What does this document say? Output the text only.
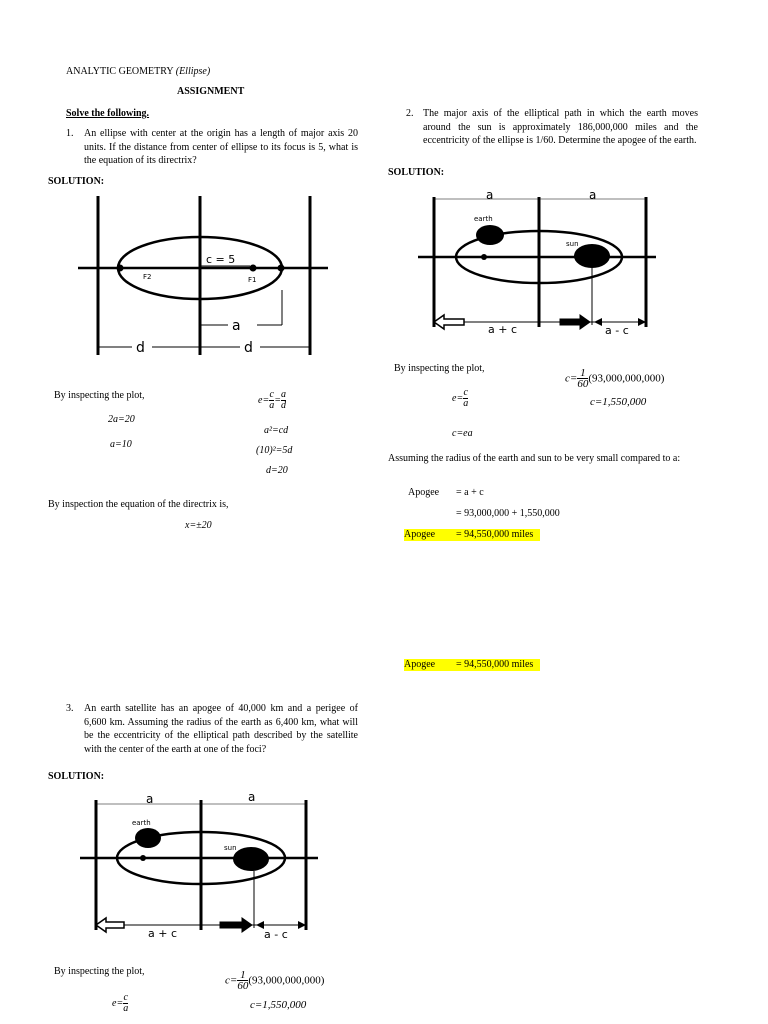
ANALYTIC GEOMETRY (Ellipse)
ASSIGNMENT
Solve the following.
1. An ellipse with center at the origin has a length of major axis 20 units. If the distance from center of ellipse to its focus is 5, what is the equation of its directrix?
SOLUTION:
c = 5
F2	F1
a
d	d
By inspecting the plot,
2a=20
a=10
$e= \frac{c}{a} = \frac{a}{d}$
a²=cd
(10)²=5d
d=20
By inspection the equation of the directrix is,
x=±20
2. The major axis of the elliptical path in which the earth moves around the sun is approximately 186,000,000 miles and the eccentricity of the ellipse is 1/60. Determine the apogee of the earth.
SOLUTION:
a	a
earth
sun
a + c	a - c
By inspecting the plot,
$c= \frac{1}{60} (93,000,000,000)$
c=1,550,000
$e= \frac{c}{a}$
c=ea
Assuming the radius of the earth and sun to be very small compared to a:
Apogee = a + c
= 93,000,000 + 1,550,000
Apogee = 94,550,000 miles
Apogee = 94,550,000 miles
3. An earth satellite has an apogee of 40,000 km and a perigee of 6,600 km. Assuming the radius of the earth as 6,400 km, what will be the eccentricity of the elliptical path described by the satellite with the center of the earth at one of the foci?
SOLUTION:
a	a
earth
sun
a + c	a - c
By inspecting the plot,
$c= \frac{1}{60} (93,000,000,000)$
c=1,550,000
$e= \frac{c}{a}$
